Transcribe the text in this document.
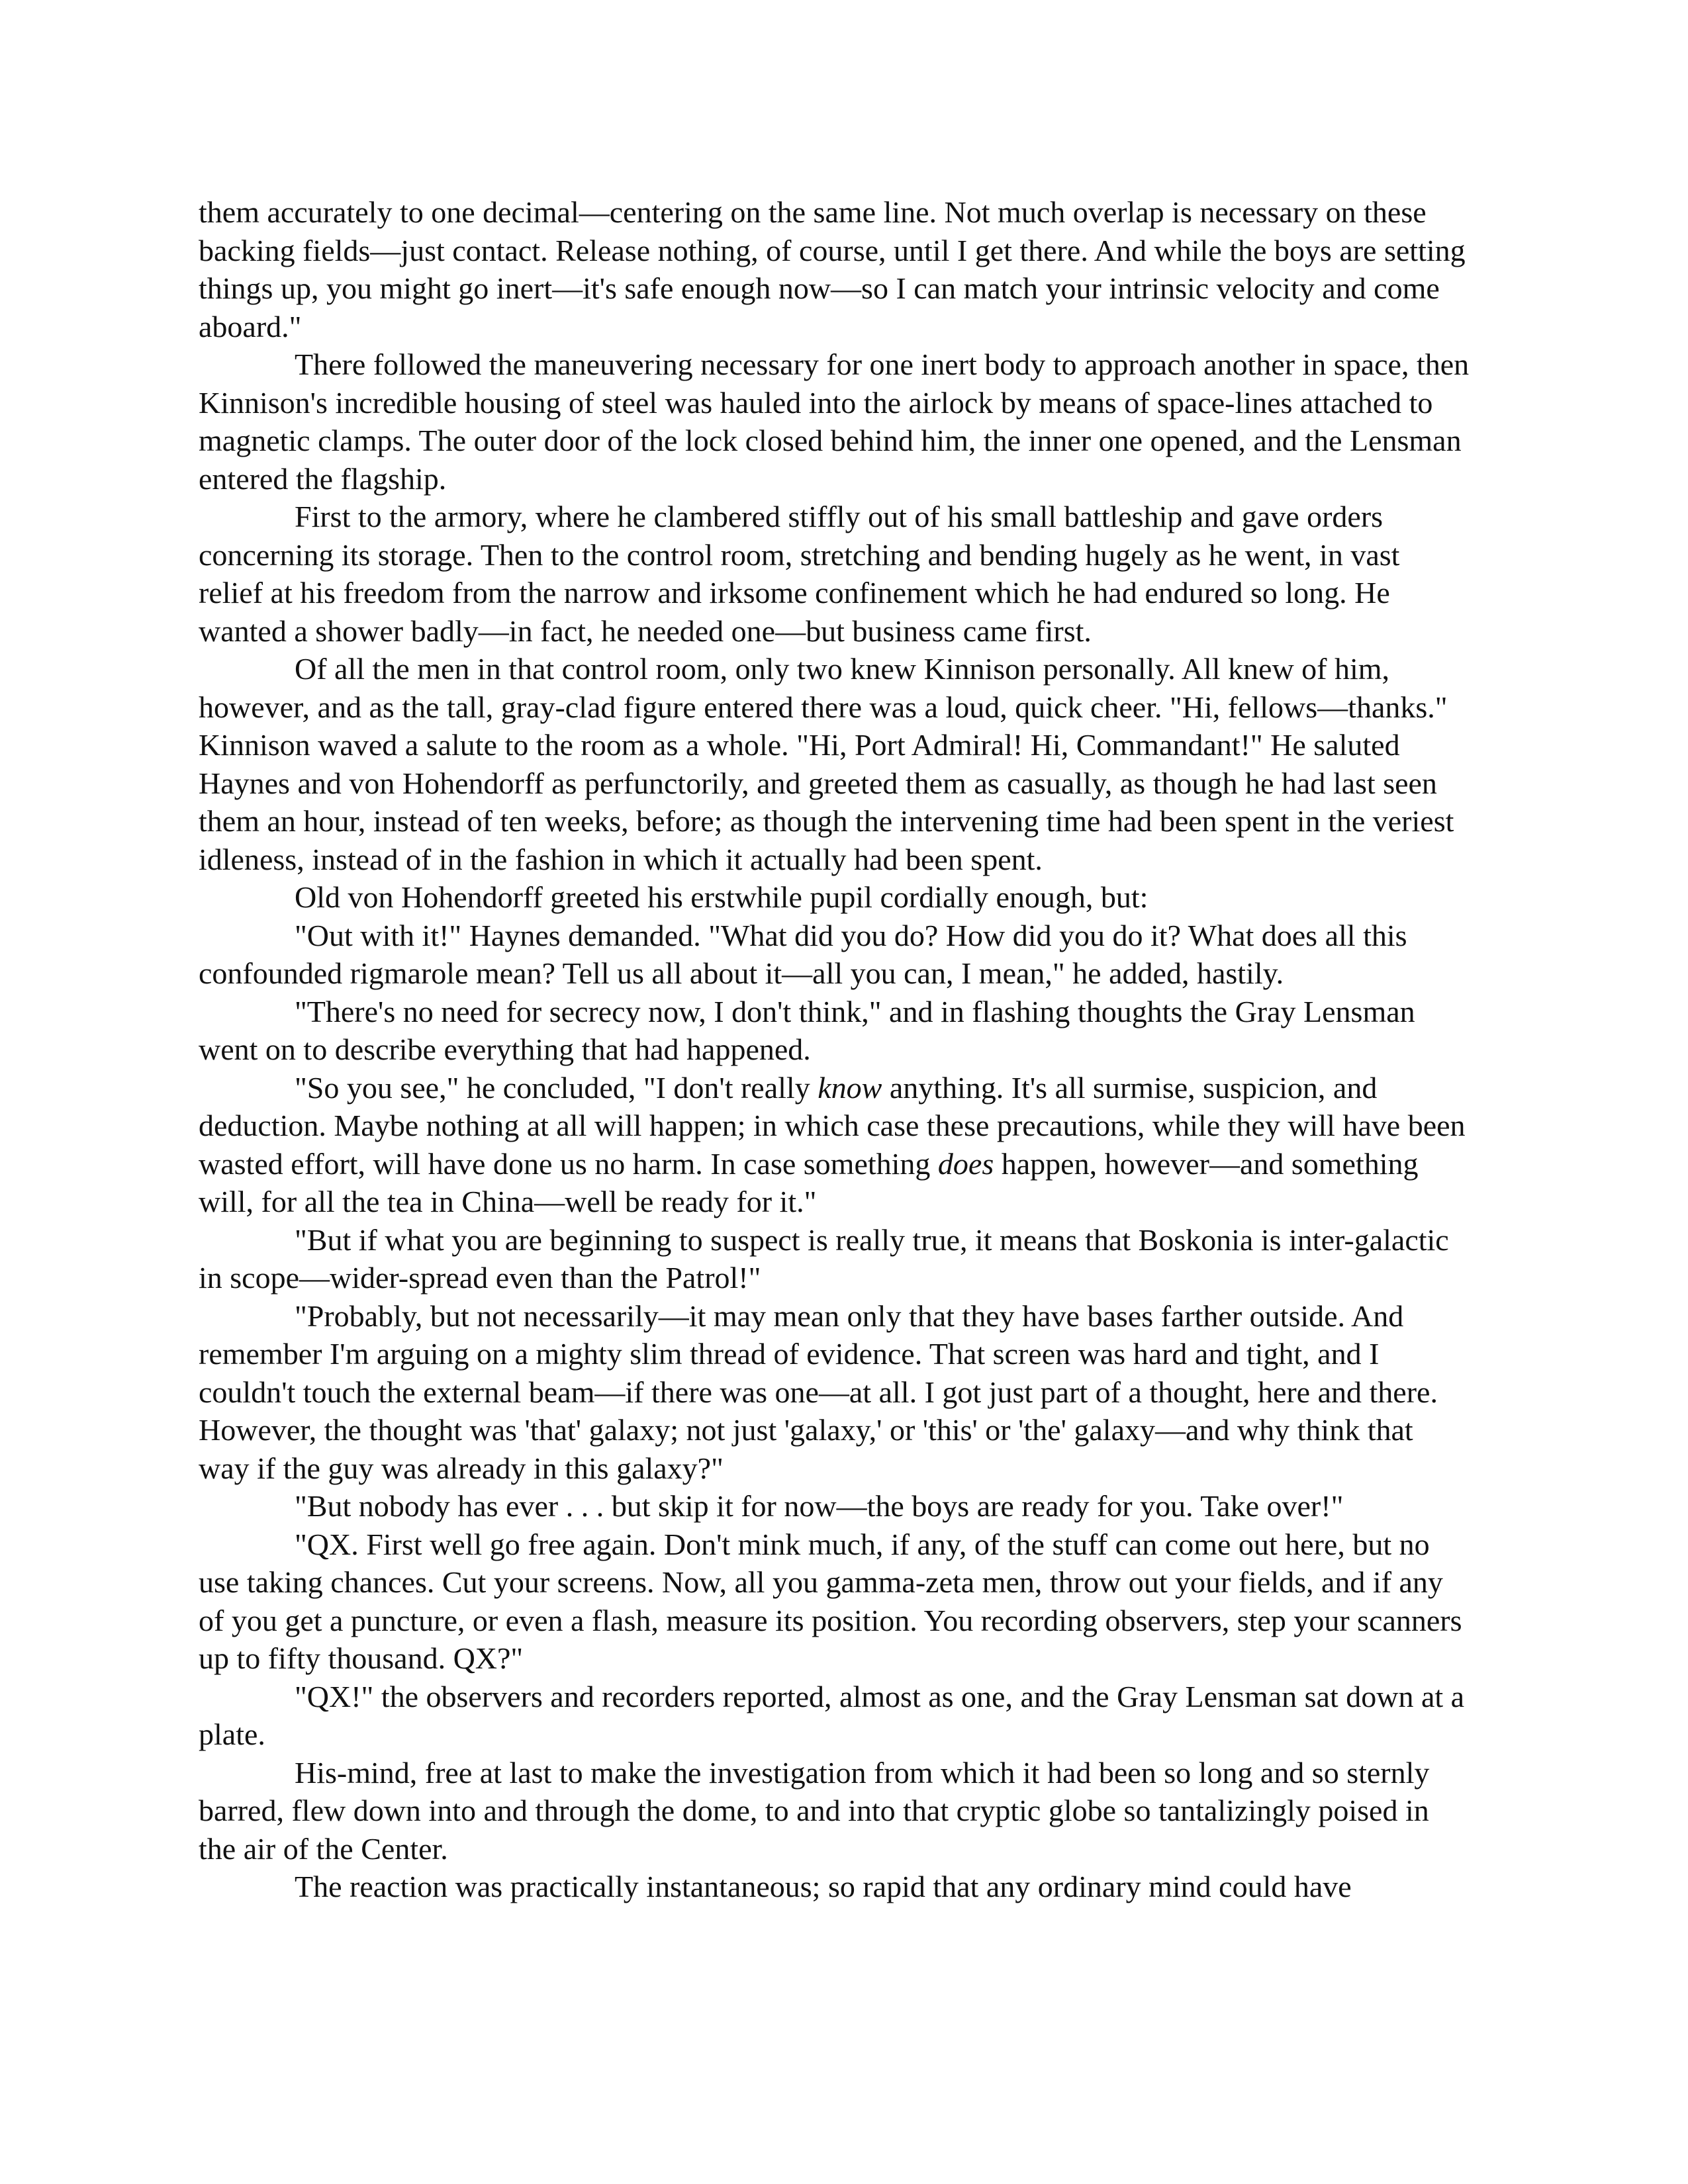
them accurately to one decimal—centering on the same line. Not much overlap is necessary on these backing fields—just contact. Release nothing, of course, until I get there. And while the boys are setting things up, you might go inert—it's safe enough now—so I can match your intrinsic velocity and come aboard."

There followed the maneuvering necessary for one inert body to approach another in space, then Kinnison's incredible housing of steel was hauled into the airlock by means of space-lines attached to magnetic clamps. The outer door of the lock closed behind him, the inner one opened, and the Lensman entered the flagship.

First to the armory, where he clambered stiffly out of his small battleship and gave orders concerning its storage. Then to the control room, stretching and bending hugely as he went, in vast relief at his freedom from the narrow and irksome confinement which he had endured so long. He wanted a shower badly—in fact, he needed one—but business came first.

Of all the men in that control room, only two knew Kinnison personally. All knew of him, however, and as the tall, gray-clad figure entered there was a loud, quick cheer. "Hi, fellows—thanks." Kinnison waved a salute to the room as a whole. "Hi, Port Admiral! Hi, Commandant!" He saluted Haynes and von Hohendorff as perfunctorily, and greeted them as casually, as though he had last seen them an hour, instead of ten weeks, before; as though the intervening time had been spent in the veriest idleness, instead of in the fashion in which it actually had been spent.

Old von Hohendorff greeted his erstwhile pupil cordially enough, but:

"Out with it!" Haynes demanded. "What did you do? How did you do it? What does all this confounded rigmarole mean? Tell us all about it—all you can, I mean," he added, hastily.

"There's no need for secrecy now, I don't think," and in flashing thoughts the Gray Lensman went on to describe everything that had happened.

"So you see," he concluded, "I don't really know anything. It's all surmise, suspicion, and deduction. Maybe nothing at all will happen; in which case these precautions, while they will have been wasted effort, will have done us no harm. In case something does happen, however—and something will, for all the tea in China—well be ready for it."

"But if what you are beginning to suspect is really true, it means that Boskonia is inter-galactic in scope—wider-spread even than the Patrol!"

"Probably, but not necessarily—it may mean only that they have bases farther outside. And remember I'm arguing on a mighty slim thread of evidence. That screen was hard and tight, and I couldn't touch the external beam—if there was one—at all. I got just part of a thought, here and there. However, the thought was 'that' galaxy; not just 'galaxy,' or 'this' or 'the' galaxy—and why think that way if the guy was already in this galaxy?"

"But nobody has ever . . . but skip it for now—the boys are ready for you. Take over!"

"QX. First well go free again. Don't mink much, if any, of the stuff can come out here, but no use taking chances. Cut your screens. Now, all you gamma-zeta men, throw out your fields, and if any of you get a puncture, or even a flash, measure its position. You recording observers, step your scanners up to fifty thousand. QX?"

"QX!" the observers and recorders reported, almost as one, and the Gray Lensman sat down at a plate.

His-mind, free at last to make the investigation from which it had been so long and so sternly barred, flew down into and through the dome, to and into that cryptic globe so tantalizingly poised in the air of the Center.

The reaction was practically instantaneous; so rapid that any ordinary mind could have
